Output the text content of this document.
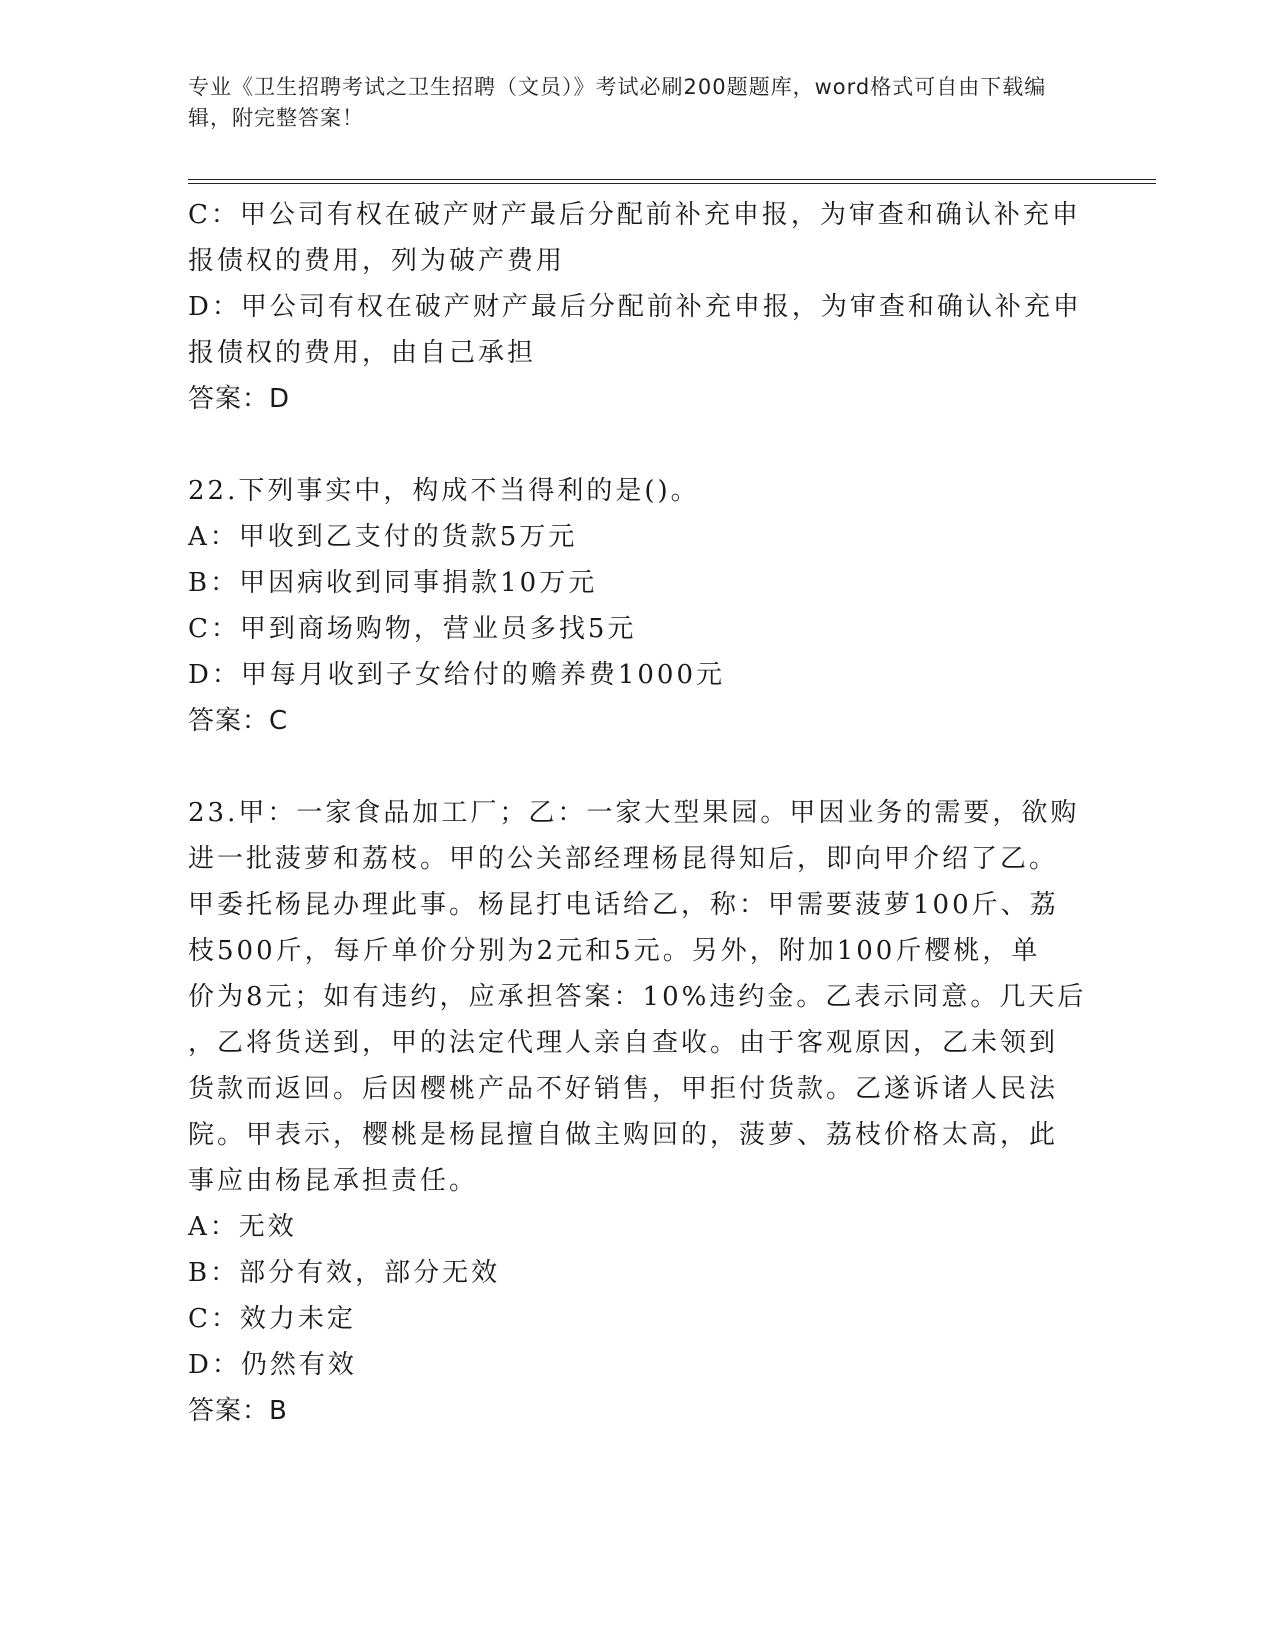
专业《卫生招聘考试之卫生招聘（文员）》考试必刷200题题库，word格式可自由下载编辑，附完整答案！

C：甲公司有权在破产财产最后分配前补充申报，为审查和确认补充申

报债权的费用，列为破产费用

D：甲公司有权在破产财产最后分配前补充申报，为审查和确认补充申

报债权的费用，由自己承担

答案：D

22.下列事实中，构成不当得利的是()。

A：甲收到乙支付的货款5万元

B：甲因病收到同事捐款10万元

C：甲到商场购物，营业员多找5元

D：甲每月收到子女给付的赡养费1000元

答案：C

23.甲：一家食品加工厂；乙：一家大型果园。甲因业务的需要，欲购

进一批菠萝和荔枝。甲的公关部经理杨昆得知后，即向甲介绍了乙。

甲委托杨昆办理此事。杨昆打电话给乙，称：甲需要菠萝100斤、荔

枝500斤，每斤单价分别为2元和5元。另外，附加100斤樱桃，单

价为8元；如有违约，应承担答案：10%违约金。乙表示同意。几天后

，乙将货送到，甲的法定代理人亲自查收。由于客观原因，乙未领到

货款而返回。后因樱桃产品不好销售，甲拒付货款。乙遂诉诸人民法

院。甲表示，樱桃是杨昆擅自做主购回的，菠萝、荔枝价格太高，此

事应由杨昆承担责任。

A：无效

B：部分有效，部分无效

C：效力未定

D：仍然有效

答案：B
